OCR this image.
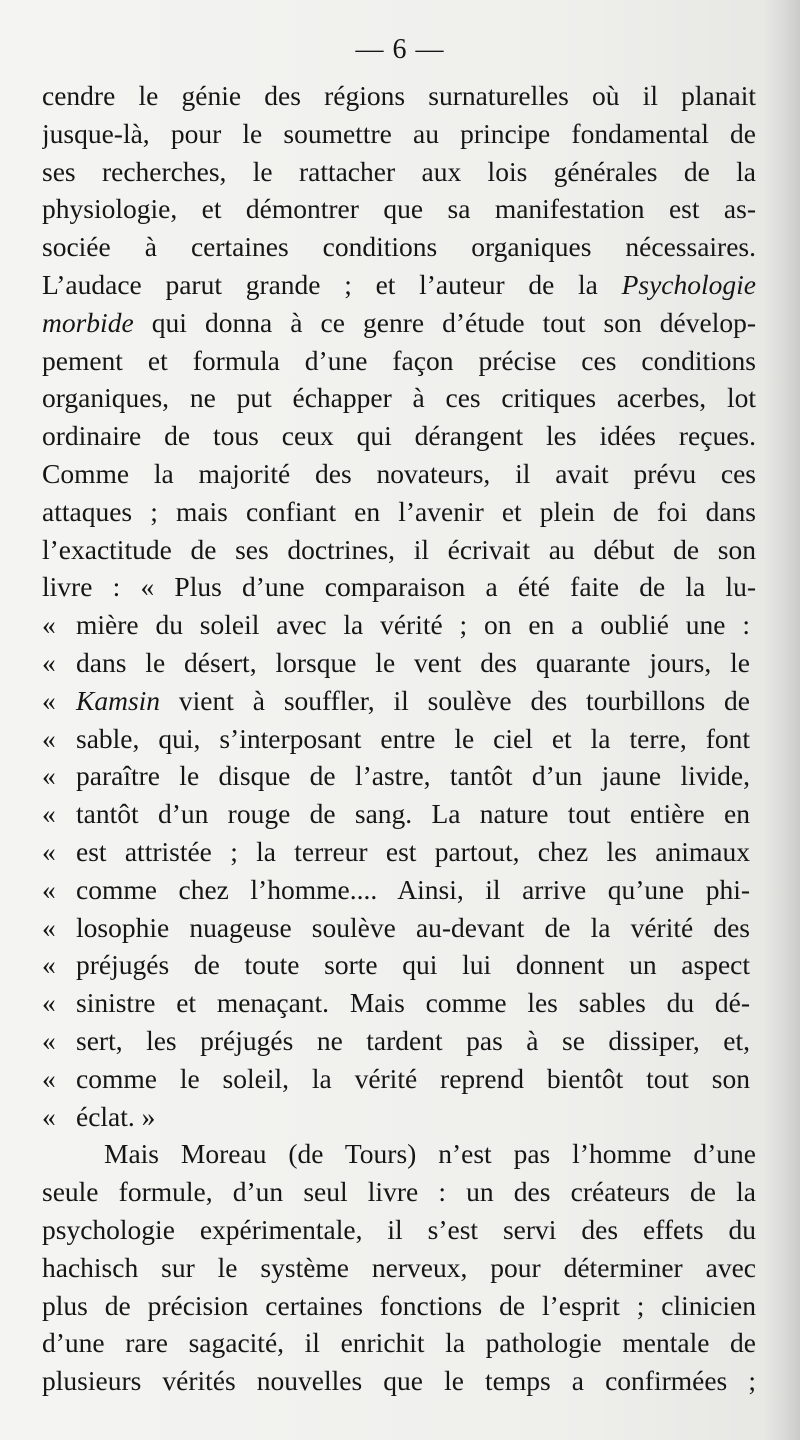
— 6 —
cendre le génie des régions surnaturelles où il planait
jusque-là, pour le soumettre au principe fondamental de
ses recherches, le rattacher aux lois générales de la
physiologie, et démontrer que sa manifestation est as-
sociée à certaines conditions organiques nécessaires.
L’audace parut grande ; et l’auteur de la Psychologie
morbide qui donna à ce genre d’étude tout son dévelop-
pement et formula d’une façon précise ces conditions
organiques, ne put échapper à ces critiques acerbes, lot
ordinaire de tous ceux qui dérangent les idées reçues.
Comme la majorité des novateurs, il avait prévu ces
attaques ; mais confiant en l’avenir et plein de foi dans
l’exactitude de ses doctrines, il écrivait au début de son
livre : « Plus d’une comparaison a été faite de la lu-
« mière du soleil avec la vérité ; on en a oublié une :
« dans le désert, lorsque le vent des quarante jours, le
« Kamsin vient à souffler, il soulève des tourbillons de
« sable, qui, s’interposant entre le ciel et la terre, font
« paraître le disque de l’astre, tantôt d’un jaune livide,
« tantôt d’un rouge de sang. La nature tout entière en
« est attristée ; la terreur est partout, chez les animaux
« comme chez l’homme.... Ainsi, il arrive qu’une phi-
« losophie nuageuse soulève au-devant de la vérité des
« préjugés de toute sorte qui lui donnent un aspect
« sinistre et menaçant. Mais comme les sables du dé-
« sert, les préjugés ne tardent pas à se dissiper, et,
« comme le soleil, la vérité reprend bientôt tout son
« éclat. »
Mais Moreau (de Tours) n’est pas l’homme d’une
seule formule, d’un seul livre : un des créateurs de la
psychologie expérimentale, il s’est servi des effets du
hachisch sur le système nerveux, pour déterminer avec
plus de précision certaines fonctions de l’esprit ; clinicien
d’une rare sagacité, il enrichit la pathologie mentale de
plusieurs vérités nouvelles que le temps a confirmées ;
